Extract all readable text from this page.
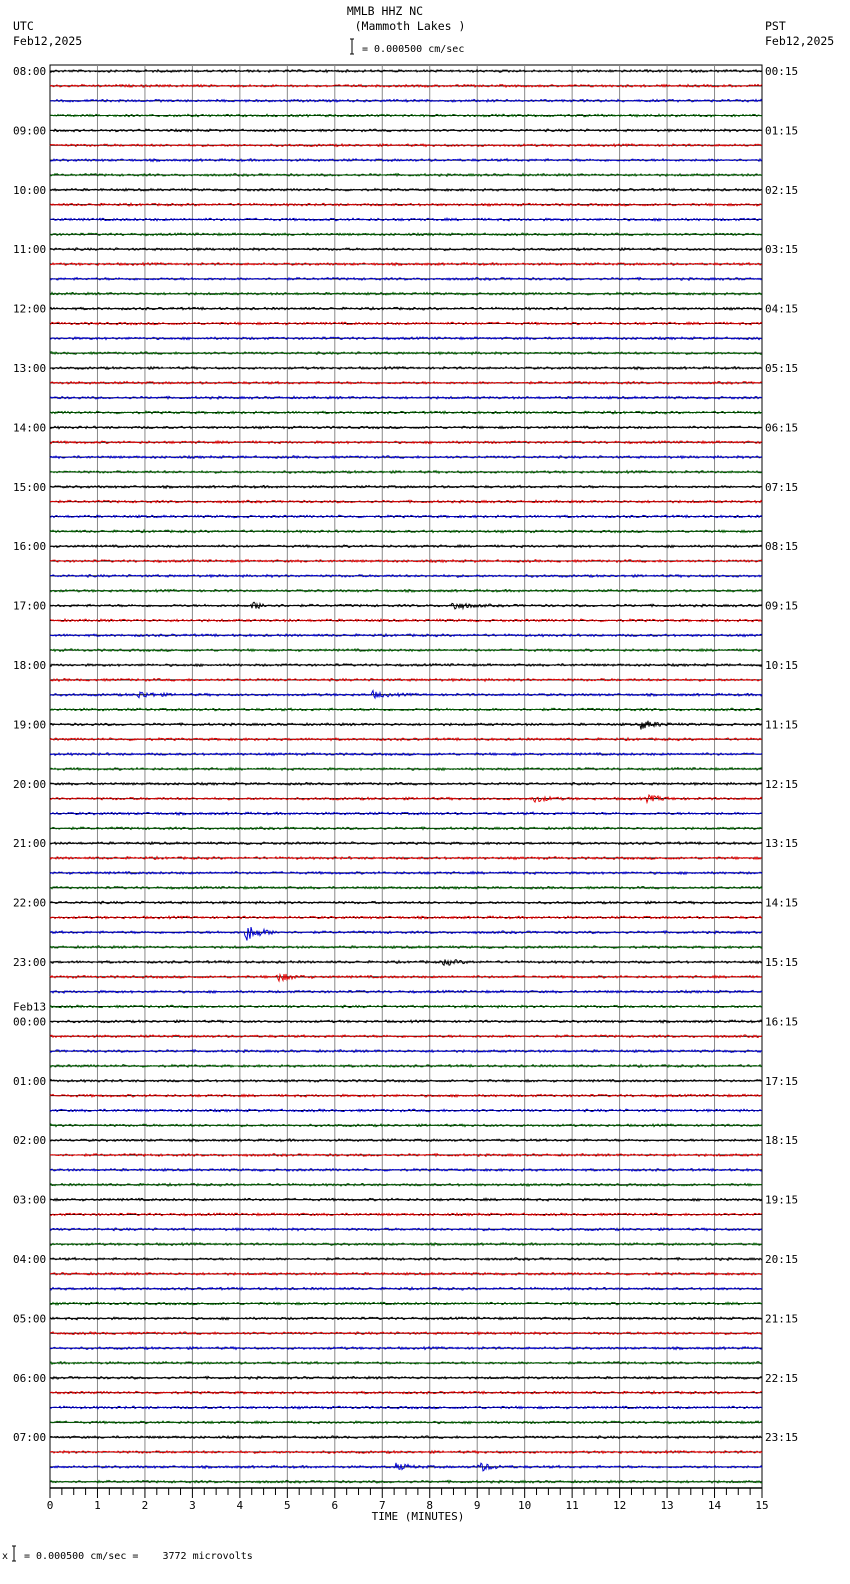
MMLB HHZ NC
(Mammoth Lakes )
UTC
Feb12,2025
PST
Feb12,2025
= 0.000500 cm/sec
08:00	00:15
09:00	01:15
10:00	02:15
11:00	03:15
12:00	04:15
13:00	05:15
14:00	06:15
15:00	07:15
16:00	08:15
17:00	09:15
18:00	10:15
19:00	11:15
20:00	12:15
21:00	13:15
22:00	14:15
23:00	15:15
00:00	16:15
Feb13
01:00	17:15
02:00	18:15
03:00	19:15
04:00	20:15
05:00	21:15
06:00	22:15
07:00	23:15
0	1	2	3	4	5	6	7	8	9	10	11	12	13	14	15
TIME (MINUTES)
x = 0.000500 cm/sec =    3772 microvolts
